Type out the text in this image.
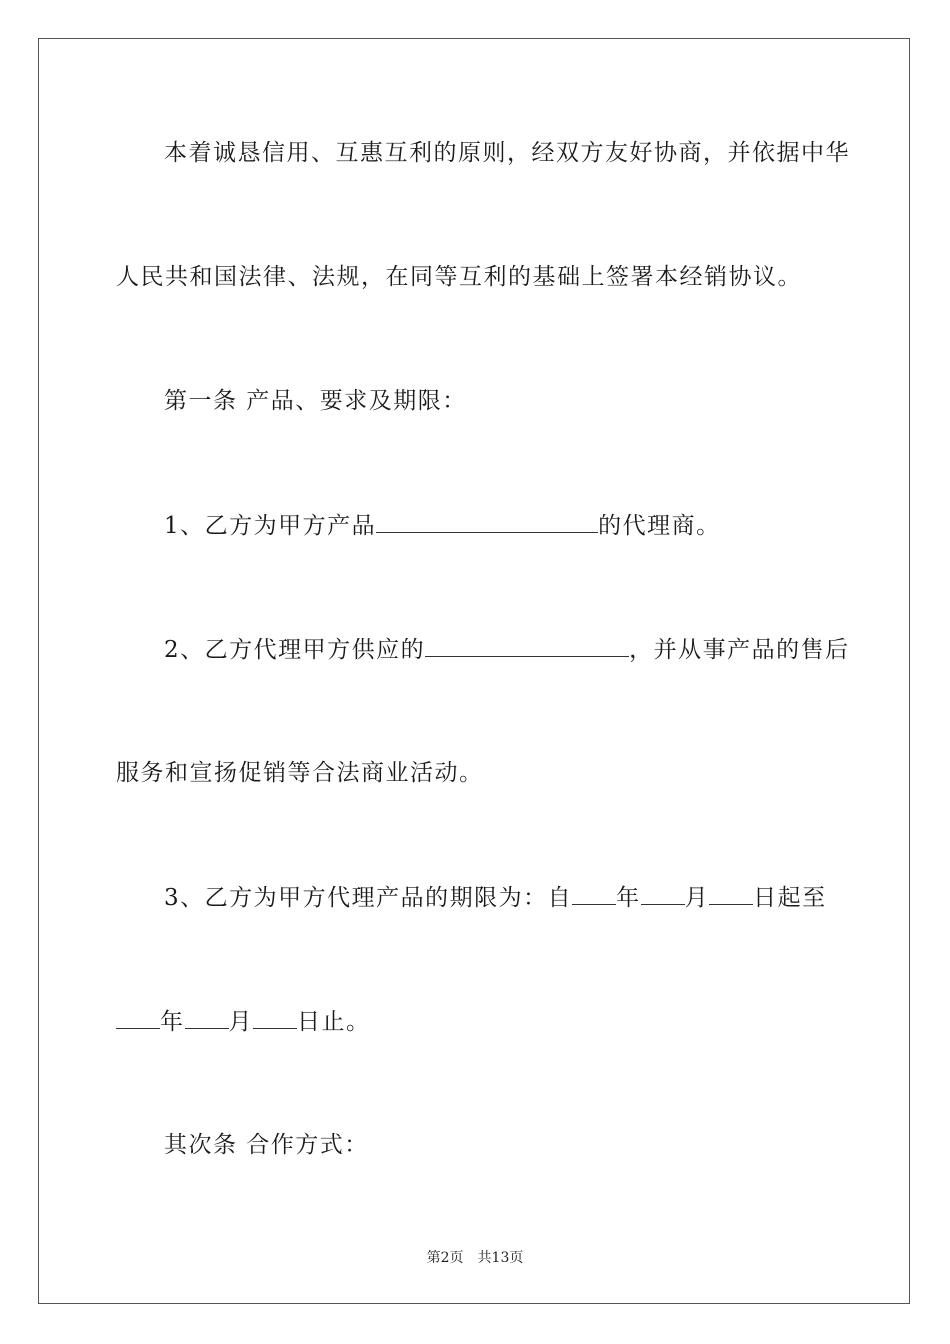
本着诚恳信用、互惠互利的原则，经双方友好协商，并依据中华
人民共和国法律、法规，在同等互利的基础上签署本经销协议。
第一条 产品、要求及期限：
1、乙方为甲方产品	的代理商。
2、乙方代理甲方供应的	，并从事产品的售后
服务和宣扬促销等合法商业活动。
3、乙方为甲方代理产品的期限为：自 年 月 日起至
年 月 日止。
其次条 合作方式：
第2页 共13页
